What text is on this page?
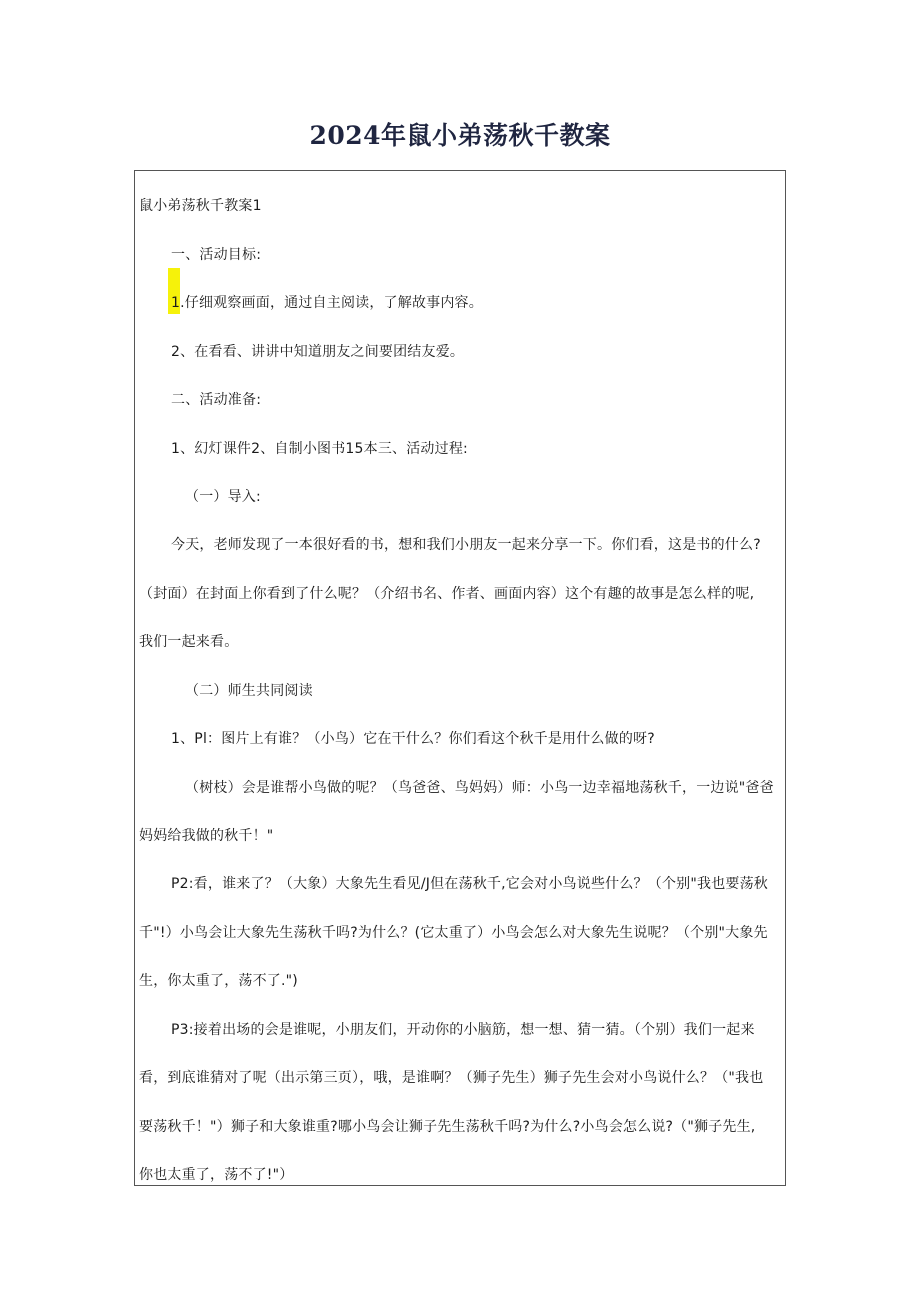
2024年鼠小弟荡秋千教案
鼠小弟荡秋千教案1
一、活动目标:
1.仔细观察画面，通过自主阅读，了解故事内容。
2、在看看、讲讲中知道朋友之间要团结友爱。
二、活动准备:
1、幻灯课件2、自制小图书15本三、活动过程:
（一）导入:
今天，老师发现了一本很好看的书，想和我们小朋友一起来分享一下。你们看，这是书的什么?
（封面）在封面上你看到了什么呢？（介绍书名、作者、画面内容）这个有趣的故事是怎么样的呢,
我们一起来看。
（二）师生共同阅读
1、Pl：图片上有谁？（小鸟）它在干什么？你们看这个秋千是用什么做的呀?
（树枝）会是谁帮小鸟做的呢？（鸟爸爸、鸟妈妈）师：小鸟一边幸福地荡秋千，一边说"爸爸
妈妈给我做的秋千！"
P2:看，谁来了？（大象）大象先生看见/J但在荡秋千,它会对小鸟说些什么？（个别"我也要荡秋
千"!）小鸟会让大象先生荡秋千吗?为什么？(它太重了）小鸟会怎么对大象先生说呢？（个别"大象先
生，你太重了，荡不了.")
P3:接着出场的会是谁呢，小朋友们，开动你的小脑筋，想一想、猜一猜。（个别）我们一起来
看，到底谁猜对了呢（出示第三页），哦，是谁啊？（狮子先生）狮子先生会对小鸟说什么？（"我也
要荡秋千！"）狮子和大象谁重?哪小鸟会让狮子先生荡秋千吗?为什么?小鸟会怎么说?（"狮子先生,
你也太重了，荡不了!"）
